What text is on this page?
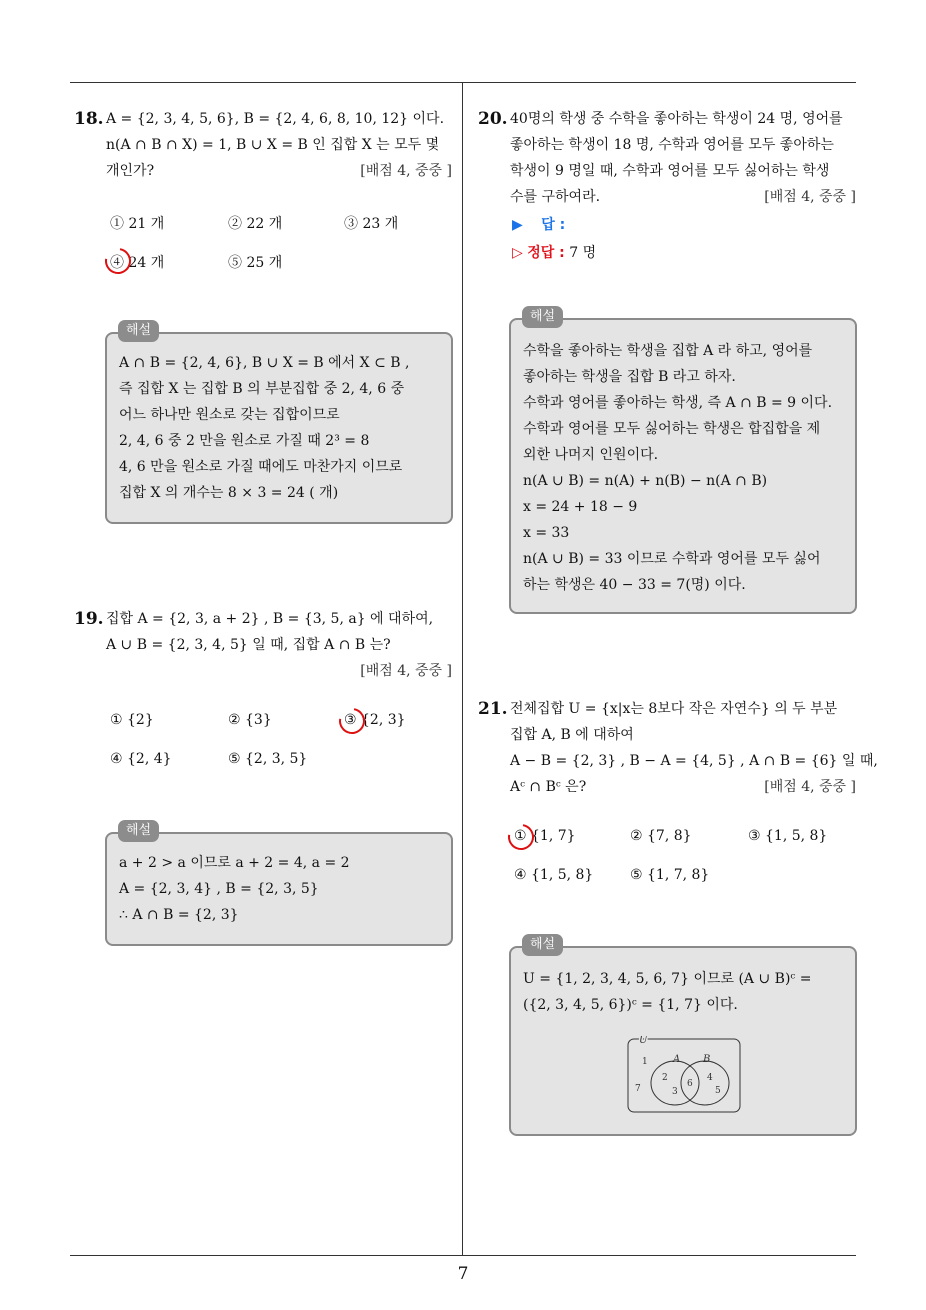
7
18. A = {2, 3, 4, 5, 6}, B = {2, 4, 6, 8, 10, 12} 이다.
n(A ∩ B ∩ X) = 1, B ∪ X = B 인 집합 X 는 모두 몇
개인가?	[배점 4, 중중 ]
① 21 개	② 22 개	③ 23 개
④ 24 개	⑤ 25 개
A ∩ B = {2, 4, 6}, B ∪ X = B 에서 X ⊂ B ,
즉 집합 X 는 집합 B 의 부분집합 중 2, 4, 6 중
어느 하나만 원소로 갖는 집합이므로
2, 4, 6 중 2 만을 원소로 가질 때 2³ = 8
4, 6 만을 원소로 가질 때에도 마찬가지 이므로
집합 X 의 개수는 8 × 3 = 24 ( 개)
해설
19. 집합 A = {2, 3, a + 2} , B = {3, 5, a} 에 대하여,
A ∪ B = {2, 3, 4, 5} 일 때, 집합 A ∩ B 는?
[배점 4, 중중 ]
① {2}	② {3}	③ {2, 3}
④ {2, 4}	⑤ {2, 3, 5}
a + 2 > a 이므로 a + 2 = 4, a = 2
A = {2, 3, 4} , B = {2, 3, 5}
∴ A ∩ B = {2, 3}
해설
20. 40명의 학생 중 수학을 좋아하는 학생이 24 명, 영어를
좋아하는 학생이 18 명, 수학과 영어를 모두 좋아하는
학생이 9 명일 때, 수학과 영어를 모두 싫어하는 학생
수를 구하여라.	[배점 4, 중중 ]
▶ 답 :
▷ 정답 : 7 명
수학을 좋아하는 학생을 집합 A 라 하고, 영어를
좋아하는 학생을 집합 B 라고 하자.
수학과 영어를 좋아하는 학생, 즉 A ∩ B = 9 이다.
수학과 영어를 모두 싫어하는 학생은 합집합을 제
외한 나머지 인원이다.
n(A ∪ B) = n(A) + n(B) − n(A ∩ B)
x = 24 + 18 − 9
x = 33
n(A ∪ B) = 33 이므로 수학과 영어를 모두 싫어
하는 학생은 40 − 33 = 7(명) 이다.
해설
21. 전체집합 U = {x|x는 8보다 작은 자연수} 의 두 부분
집합 A, B 에 대하여
A − B = {2, 3} , B − A = {4, 5} , A ∩ B = {6} 일 때,
Aᶜ ∩ Bᶜ 은?	[배점 4, 중중 ]
① {1, 7}	② {7, 8}	③ {1, 5, 8}
④ {1, 5, 8}	⑤ {1, 7, 8}
U = {1, 2, 3, 4, 5, 6, 7} 이므로 (A ∪ B)ᶜ =
({2, 3, 4, 5, 6})ᶜ = {1, 7} 이다.
U
A B
1
2
3
6
4
5
7
해설
